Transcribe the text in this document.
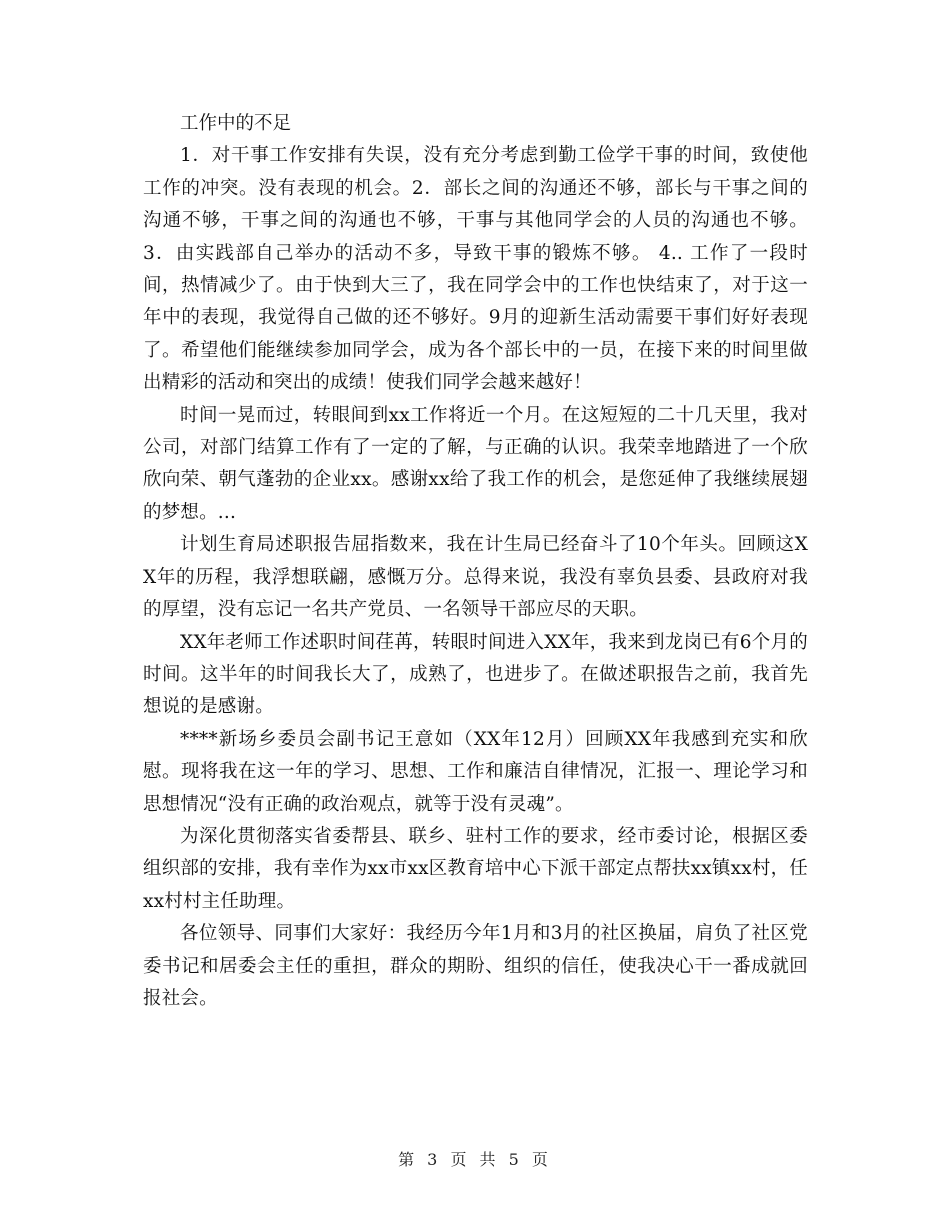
工作中的不足

1．对干事工作安排有失误，没有充分考虑到勤工俭学干事的时间，致使他工作的冲突。没有表现的机会。2．部长之间的沟通还不够，部长与干事之间的沟通不够，干事之间的沟通也不够，干事与其他同学会的人员的沟通也不够。3．由实践部自己举办的活动不多，导致干事的锻炼不够。 4.. 工作了一段时间，热情减少了。由于快到大三了，我在同学会中的工作也快结束了，对于这一年中的表现，我觉得自己做的还不够好。9月的迎新生活动需要干事们好好表现了。希望他们能继续参加同学会，成为各个部长中的一员，在接下来的时间里做出精彩的活动和突出的成绩！使我们同学会越来越好！

时间一晃而过，转眼间到xx工作将近一个月。在这短短的二十几天里，我对公司，对部门结算工作有了一定的了解，与正确的认识。我荣幸地踏进了一个欣欣向荣、朝气蓬勃的企业xx。感谢xx给了我工作的机会，是您延伸了我继续展翅的梦想。...

计划生育局述职报告屈指数来，我在计生局已经奋斗了10个年头。回顾这XX年的历程，我浮想联翩，感慨万分。总得来说，我没有辜负县委、县政府对我的厚望，没有忘记一名共产党员、一名领导干部应尽的天职。

XX年老师工作述职时间荏苒，转眼时间进入XX年，我来到龙岗已有6个月的时间。这半年的时间我长大了，成熟了，也进步了。在做述职报告之前，我首先想说的是感谢。

****新场乡委员会副书记王意如（XX年12月）回顾XX年我感到充实和欣慰。现将我在这一年的学习、思想、工作和廉洁自律情况，汇报一、理论学习和思想情况“没有正确的政治观点，就等于没有灵魂”。

为深化贯彻落实省委帮县、联乡、驻村工作的要求，经市委讨论，根据区委组织部的安排，我有幸作为xx市xx区教育培中心下派干部定点帮扶xx镇xx村，任xx村村主任助理。

各位领导、同事们大家好：我经历今年1月和3月的社区换届，肩负了社区党委书记和居委会主任的重担，群众的期盼、组织的信任，使我决心干一番成就回报社会。

第 3 页 共 5 页
